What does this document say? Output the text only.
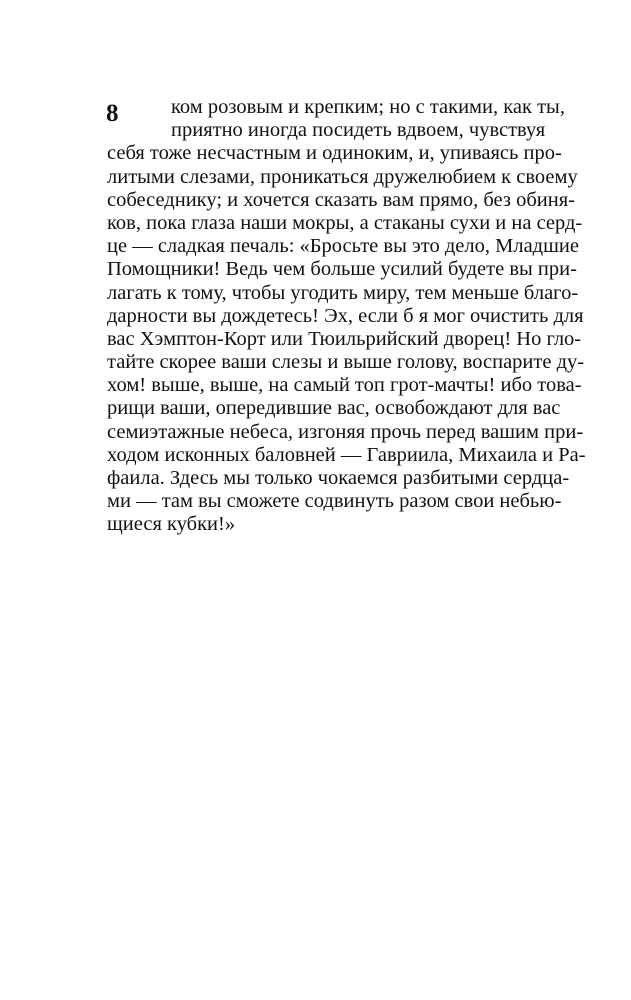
8	ком розовым и крепким; но с такими, как ты,
приятно иногда посидеть вдвоем, чувствуя
себя тоже несчастным и одиноким, и, упиваясь про-
литыми слезами, проникаться дружелюбием к своему
собеседнику; и хочется сказать вам прямо, без обиня-
ков, пока глаза наши мокры, а стаканы сухи и на серд-
це — сладкая печаль: «Бросьте вы это дело, Младшие
Помощники! Ведь чем больше усилий будете вы при-
лагать к тому, чтобы угодить миру, тем меньше благо-
дарности вы дождетесь! Эх, если б я мог очистить для
вас Хэмптон-Корт или Тюильрийский дворец! Но гло-
тайте скорее ваши слезы и выше голову, воспарите ду-
хом! выше, выше, на самый топ грот-мачты! ибо това-
рищи ваши, опередившие вас, освобождают для вас
семиэтажные небеса, изгоняя прочь перед вашим при-
ходом исконных баловней — Гавриила, Михаила и Ра-
фаила. Здесь мы только чокаемся разбитыми сердца-
ми — там вы сможете содвинуть разом свои небью-
щиеся кубки!»
